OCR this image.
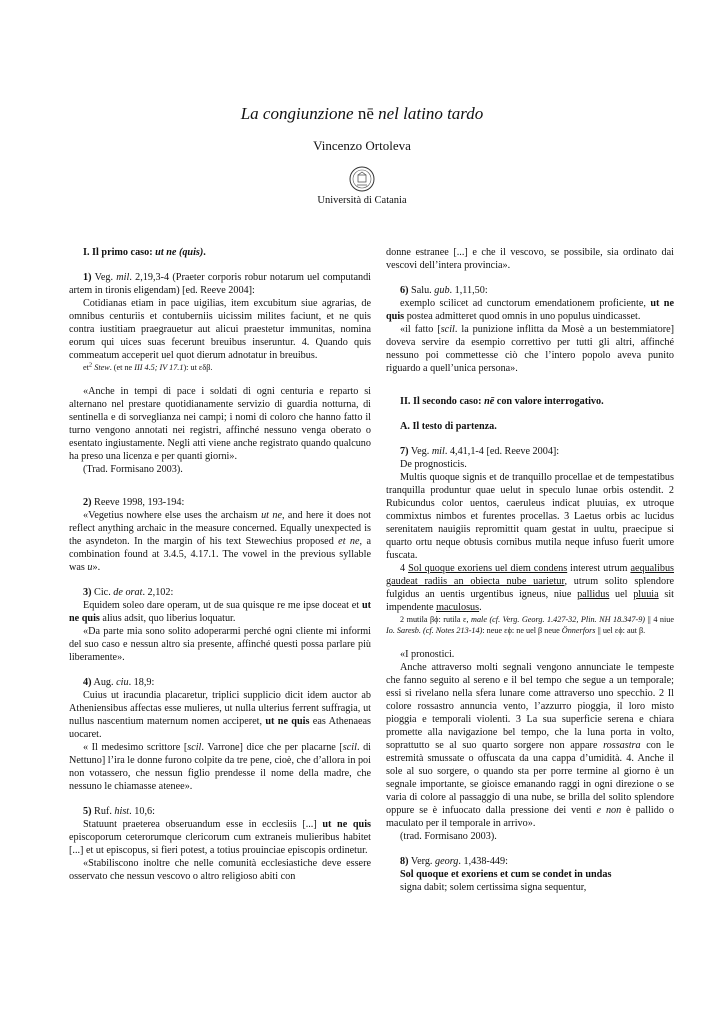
La congiunzione nē nel latino tardo
Vincenzo Ortoleva
Università di Catania

I. Il primo caso: ut ne (quis).

1) Veg. mil. 2,19,3-4 (Praeter corporis robur notarum uel computandi artem in tironis eligendam) [ed. Reeve 2004]:

Cotidianas etiam in pace uigilias, item excubitum siue agrarias, de omnibus centuriis et contuberniis uicissim milites faciunt, et ne quis contra iustitiam praegrauetur aut alicui praestetur immunitas, nomina eorum qui uices suas fecerunt breuibus inseruntur. 4. Quando quis commeatum acceperit uel quot dierum adnotatur in breuibus.

$et^2$ Stew. (et ne III 4.5; IV 17.1): ut εδβ.

«Anche in tempi di pace i soldati di ogni centuria e reparto si alternano nel prestare quotidianamente servizio di guardia notturna, di sentinella e di sorveglianza nei campi; i nomi di coloro che hanno fatto il turno vengono annotati nei registri, affinché nessuno venga oberato o esentato ingiustamente. Negli atti viene anche registrato quando qualcuno ha preso una licenza e per quanti giorni».

(Trad. Formisano 2003).

2) Reeve 1998, 193-194:

«Vegetius nowhere else uses the archaism ut ne, and here it does not reflect anything archaic in the measure concerned. Equally unexpected is the asyndeton. In the margin of his text Stewechius proposed et ne, a combination found at 3.4.5, 4.17.1. The vowel in the previous syllable was u».

3) Cic. de orat. 2,102:

Equidem soleo dare operam, ut de sua quisque re me ipse doceat et ut ne quis alius adsit, quo liberius loquatur.

«Da parte mia sono solito adoperarmi perché ogni cliente mi informi del suo caso e nessun altro sia presente, affinché questi possa parlare più liberamente».

4) Aug. ciu. 18,9:

Cuius ut iracundia placaretur, triplici supplicio dicit idem auctor ab Atheniensibus affectas esse mulieres, ut nulla ulterius ferrent suffragia, ut nullus nascentium maternum nomen acciperet, ut ne quis eas Athenaeas uocaret.

« Il medesimo scrittore [scil. Varrone] dice che per placarne [scil. di Nettuno] l’ira le donne furono colpite da tre pene, cioè, che d’allora in poi non votassero, che nessun figlio prendesse il nome della madre, che nessuno le chiamasse atenee».

5) Ruf. hist. 10,6:

Statuunt praeterea obseruandum esse in ecclesiis [...] ut ne quis episcoporum ceterorumque clericorum cum extraneis mulieribus habitet [...] et ut episcopus, si fieri potest, a totius prouinciae episcopis ordinetur.

«Stabiliscono inoltre che nelle comunità ecclesiastiche deve essere osservato che nessun vescovo o altro religioso abiti con

donne estranee [...] e che il vescovo, se possibile, sia ordinato dai vescovi dell’intera provincia».

6) Salu. gub. 1,11,50:

exemplo scilicet ad cunctorum emendationem proficiente, ut ne quis postea admitteret quod omnis in uno populus uindicasset.

«il fatto [scil. la punizione inflitta da Mosè a un bestemmiatore] doveva servire da esempio correttivo per tutti gli altri, affinché nessuno poi commettesse ciò che l’intero popolo aveva punito riguardo a quell’unica persona».

II. Il secondo caso: nē con valore interrogativo.

A. Il testo di partenza.

7) Veg. mil. 4,41,1-4 [ed. Reeve 2004]:

De prognosticis.

Multis quoque signis et de tranquillo procellae et de tempestatibus tranquilla produntur quae uelut in speculo lunae orbis ostendit. 2 Rubicundus color uentos, caeruleus indicat pluuias, ex utroque commixtus nimbos et furentes procellas. 3 Laetus orbis ac lucidus serenitatem nauigiis repromittit quam gestat in uultu, praecipue si quarto ortu neque obtusis cornibus mutila neque infuso fuerit umore fuscata.

4 Sol quoque exoriens uel diem condens interest utrum aequalibus gaudeat radiis an obiecta nube uarietur, utrum solito splendore fulgidus an uentis urgentibus igneus, niue pallidus uel pluuia sit impendente maculosus.

2 mutila βϕ: rutila ε, male (cf. Verg. Georg. 1.427-32, Plin. NH 18.347-9) || 4 niue Io. Saresb. (cf. Notes 213-14): neue εϕ: ne uel β neue Önnerfors || uel εϕ: aut β.

«I pronostici.

Anche attraverso molti segnali vengono annunciate le tempeste che fanno seguito al sereno e il bel tempo che segue a un temporale; essi si rivelano nella sfera lunare come attraverso uno specchio. 2 Il colore rossastro annuncia vento, l’azzurro pioggia, il loro misto pioggia e temporali violenti. 3 La sua superficie serena e chiara promette alla navigazione bel tempo, che la luna porta in volto, soprattutto se al suo quarto sorgere non appare rossastra con le estremità smussate o offuscata da una cappa d’umidità. 4. Anche il sole al suo sorgere, o quando sta per porre termine al giorno è un segnale importante, se gioisce emanando raggi in ogni direzione o se varia di colore al passaggio di una nube, se brilla del solito splendore oppure se è infuocato dalla pressione dei venti e non è pallido o maculato per il temporale in arrivo».

(trad. Formisano 2003).

8) Verg. georg. 1,438-449:

Sol quoque et exoriens et cum se condet in undas

signa dabit; solem certissima signa sequentur,
